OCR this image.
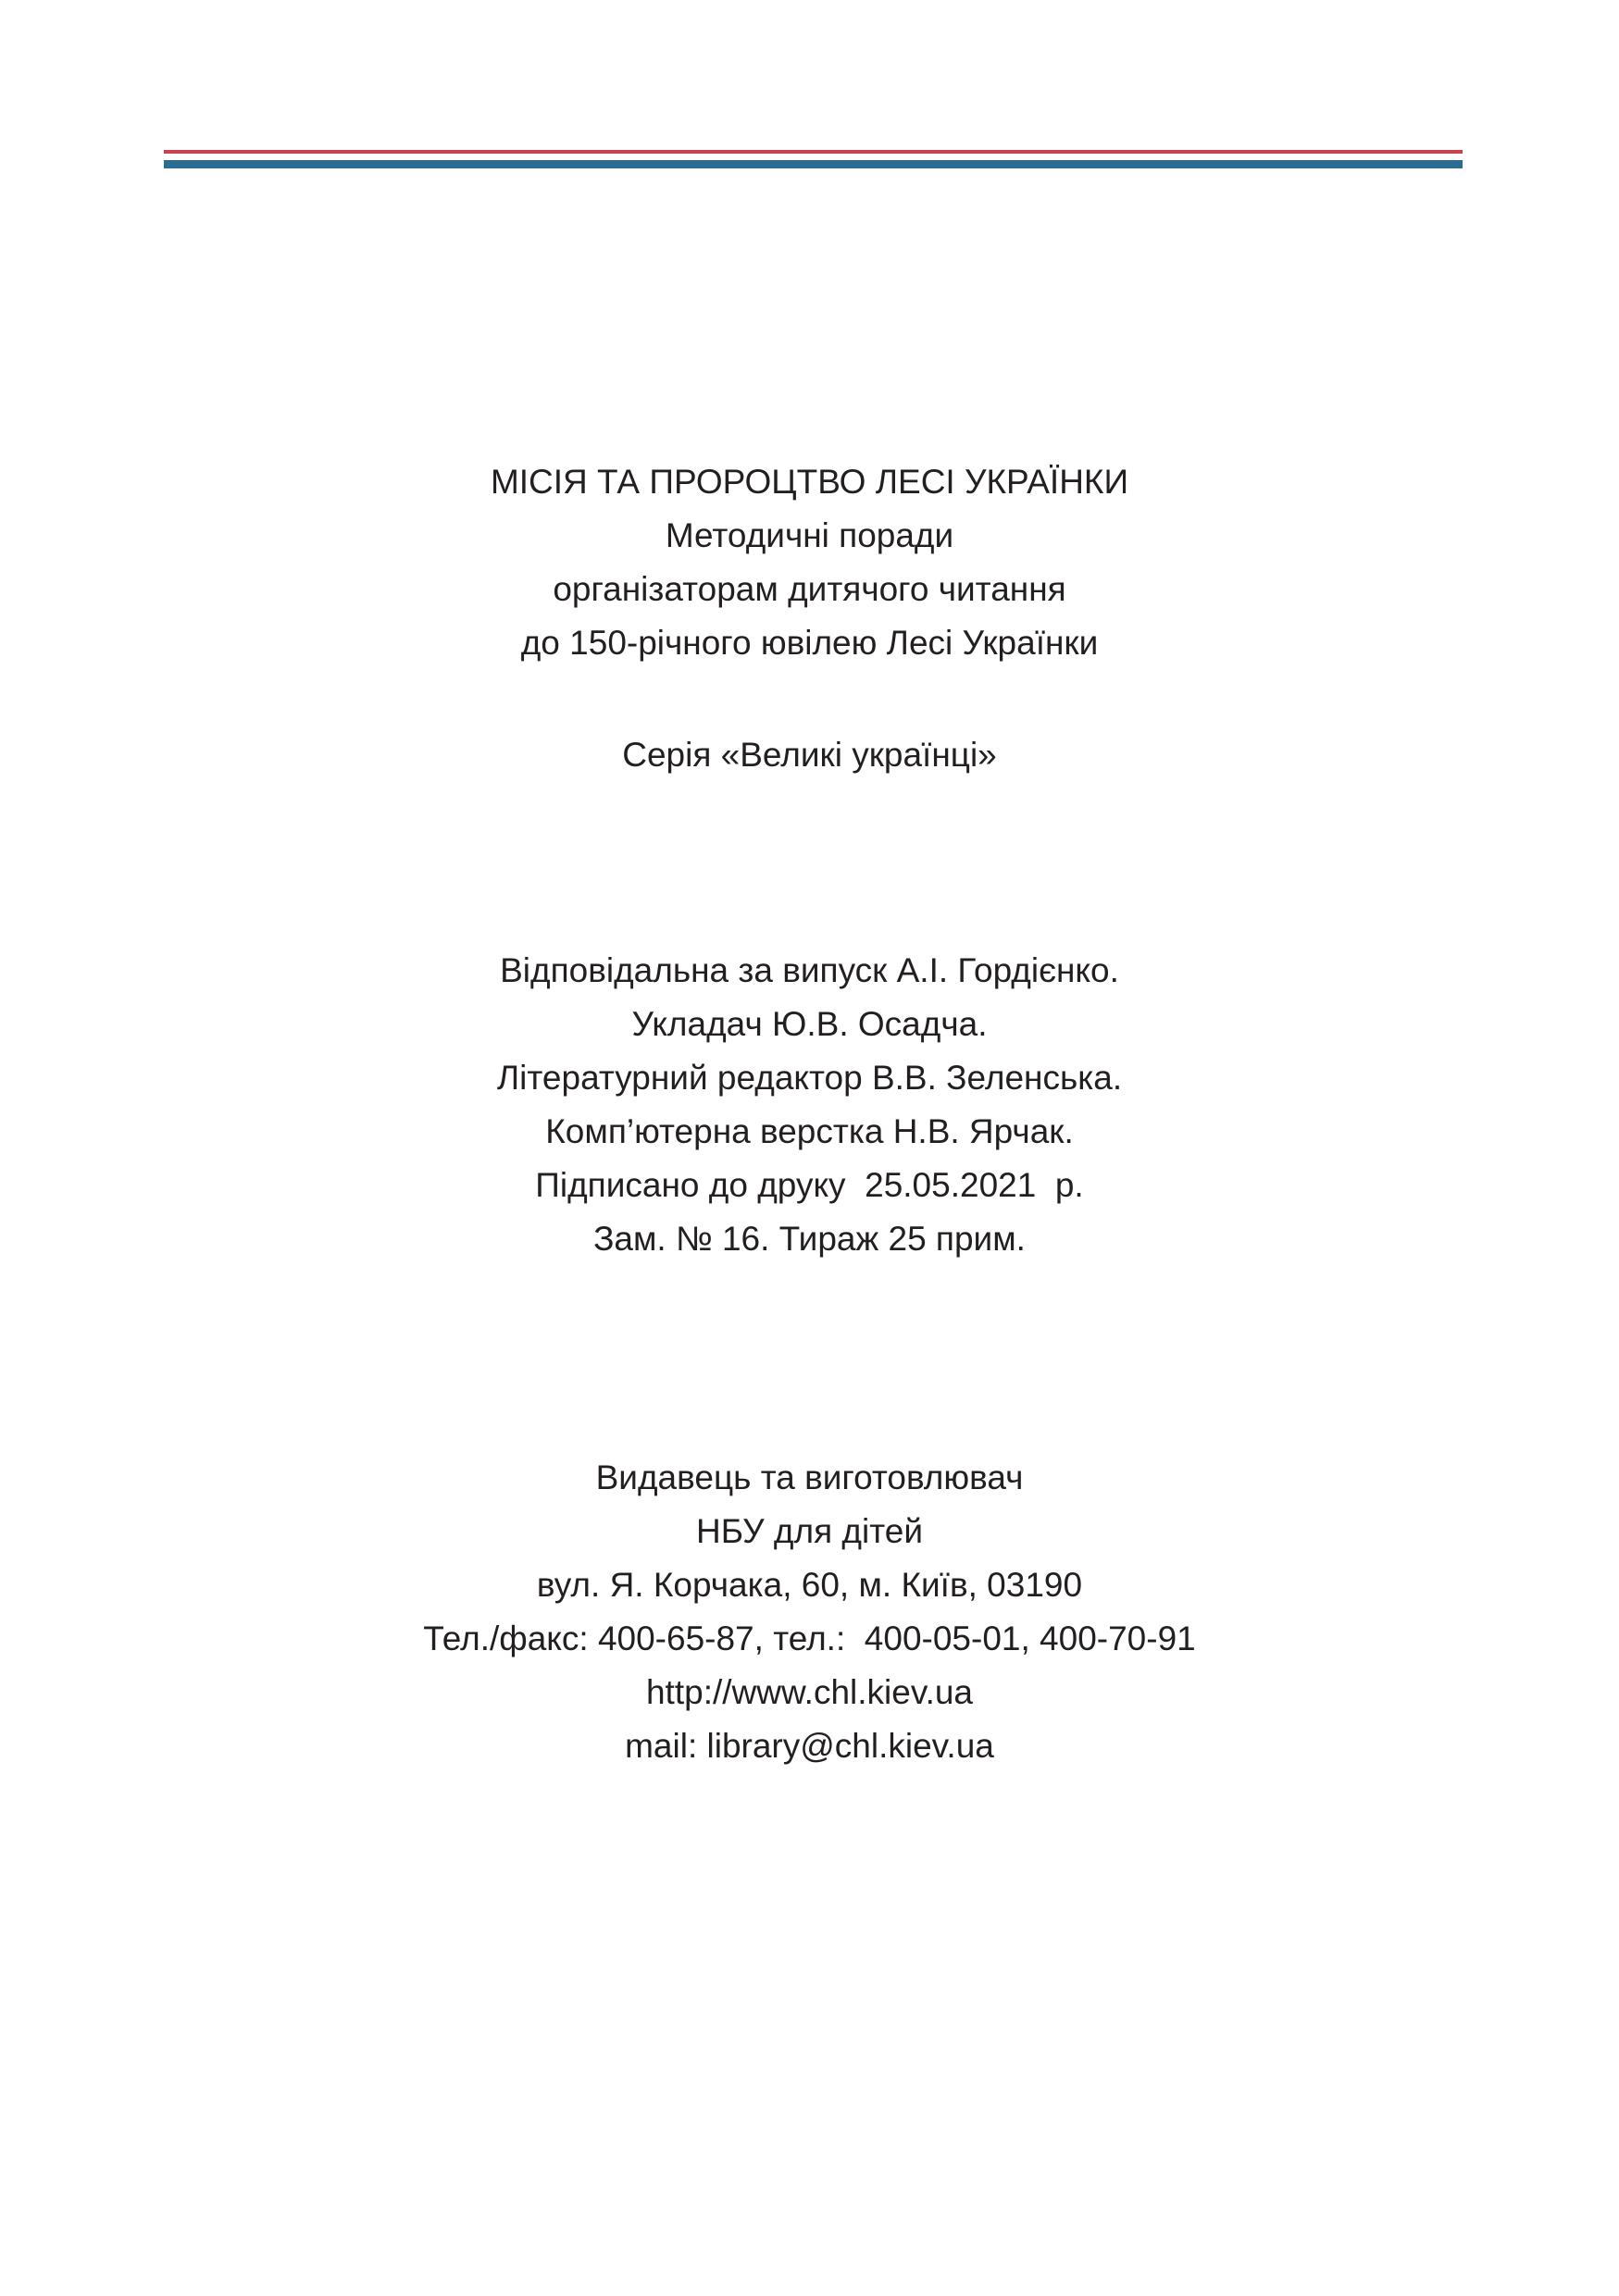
МІСІЯ ТА ПРОРОЦТВО ЛЕСІ УКРАЇНКИ
Методичні поради
організаторам дитячого читання
до 150-річного ювілею Лесі Українки
Серія «Великі українці»
Відповідальна за випуск А.І. Гордієнко.
Укладач Ю.В. Осадча.
Літературний редактор В.В. Зеленська.
Комп’ютерна верстка Н.В. Ярчак.
Підписано до друку  25.05.2021  р.
Зам. № 16. Тираж 25 прим.
Видавець та виготовлювач
НБУ для дітей
вул. Я. Корчака, 60, м. Київ, 03190
Тел./факс: 400-65-87, тел.:  400-05-01, 400-70-91
http://www.chl.kiev.ua
mail: library@chl.kiev.ua
